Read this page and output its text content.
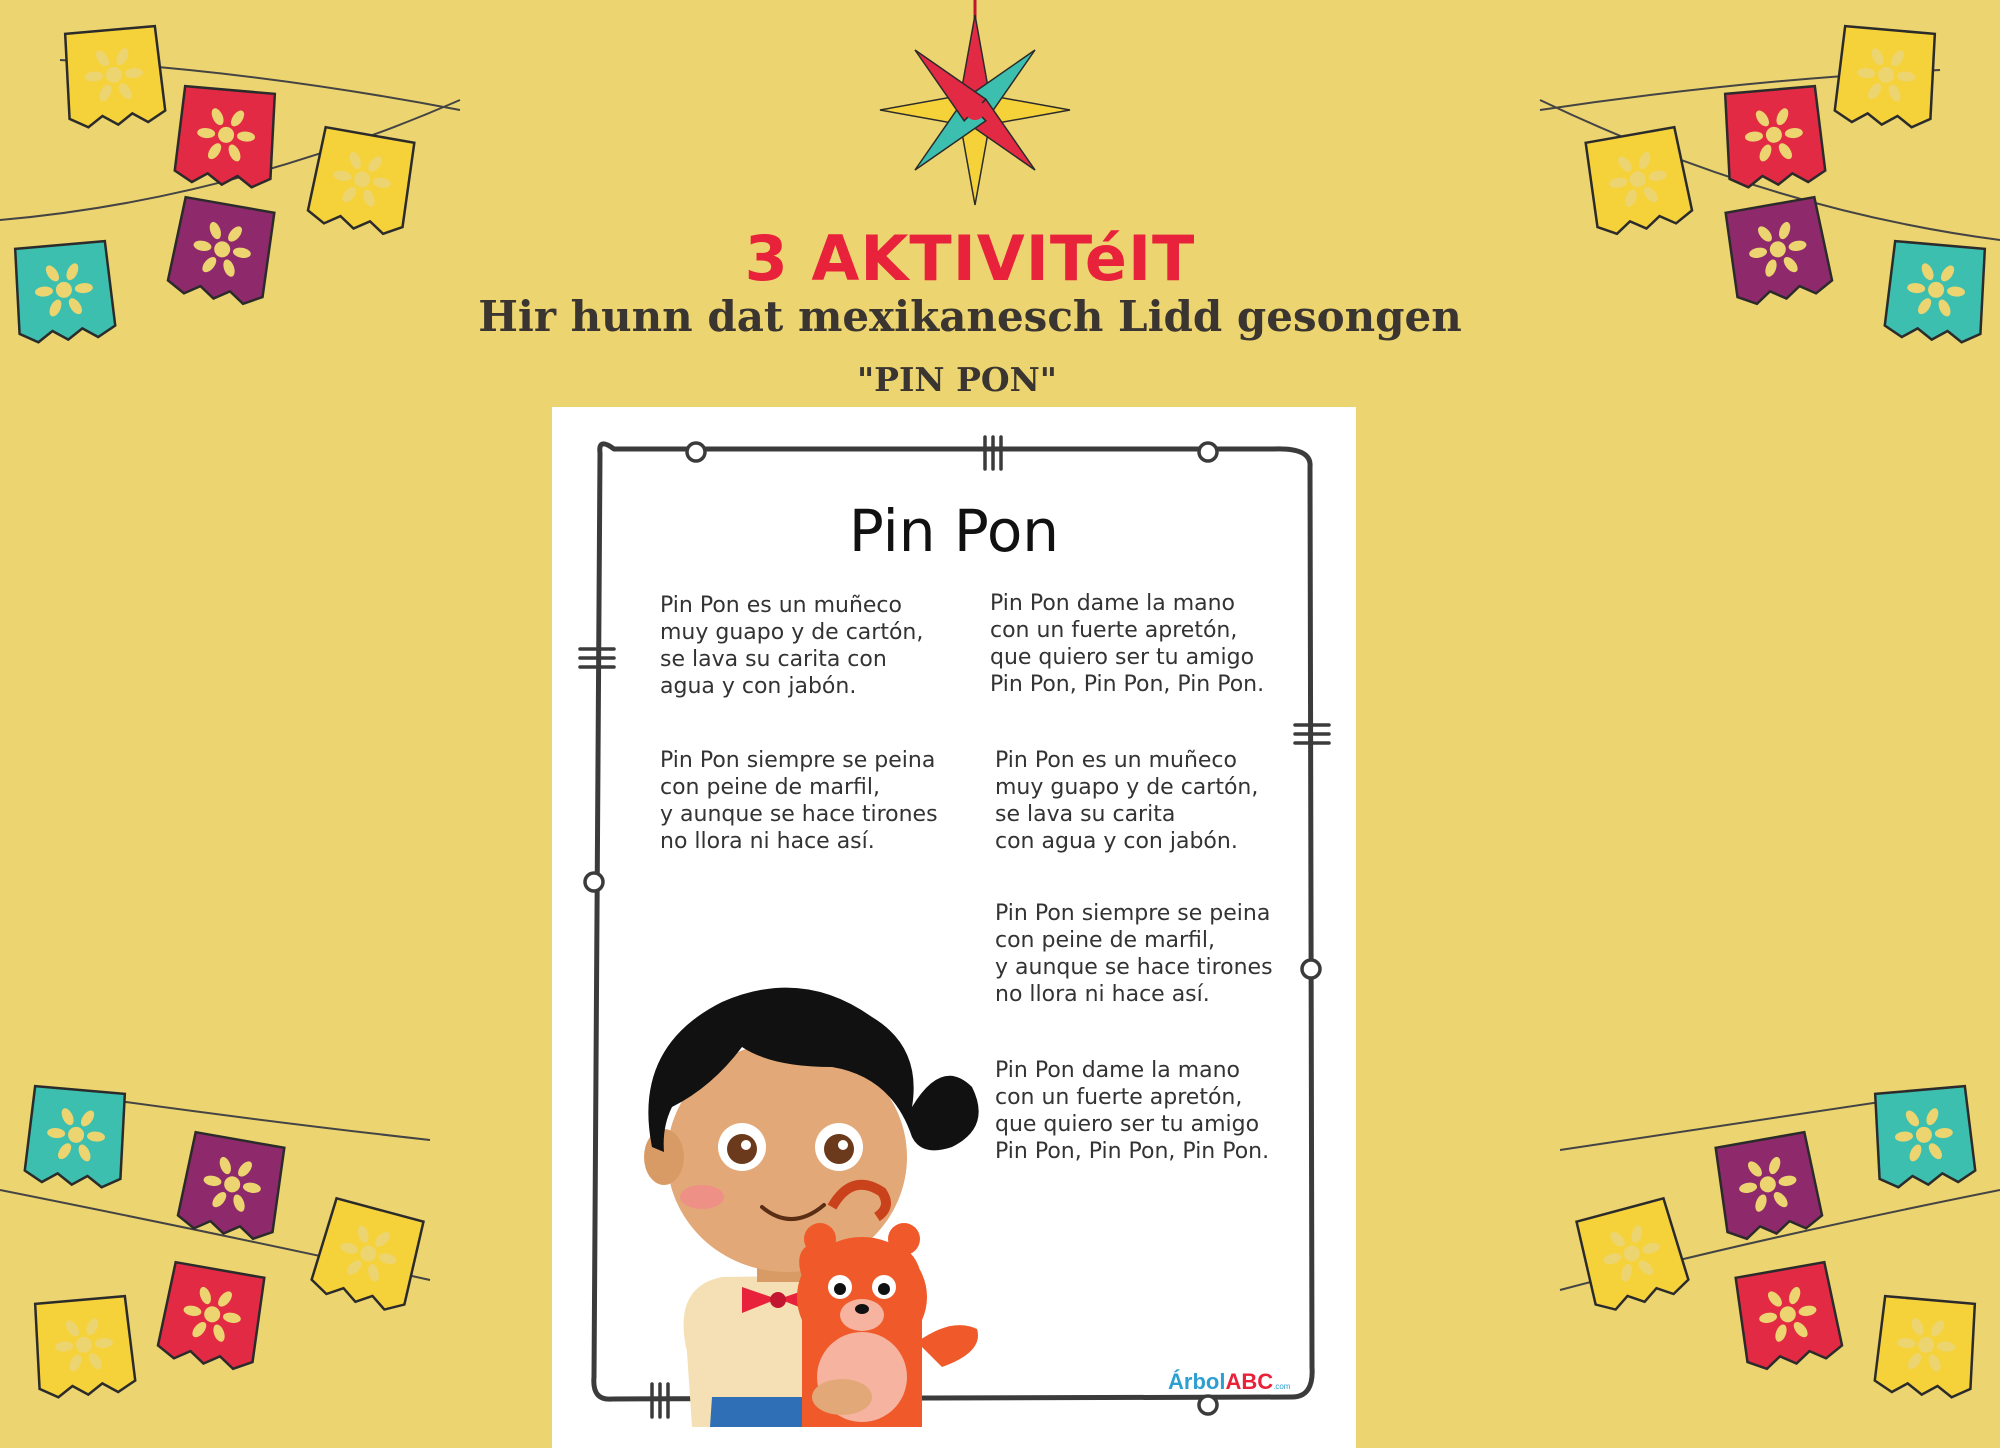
3 AKTIVITéIT
Hir hunn dat mexikanesch Lidd gesongen
"PIN PON"
Pin Pon
Pin Pon es un muñeco
muy guapo y de cartón,
se lava su carita con
agua y con jabón.
Pin Pon dame la mano
con un fuerte apretón,
que quiero ser tu amigo
Pin Pon, Pin Pon, Pin Pon.
Pin Pon siempre se peina
con peine de marfil,
y aunque se hace tirones
no llora ni hace así.
Pin Pon es un muñeco
muy guapo y de cartón,
se lava su carita
con agua y con jabón.
Pin Pon siempre se peina
con peine de marfil,
y aunque se hace tirones
no llora ni hace así.
Pin Pon dame la mano
con un fuerte apretón,
que quiero ser tu amigo
Pin Pon, Pin Pon, Pin Pon.
ÁrbolABC.com
